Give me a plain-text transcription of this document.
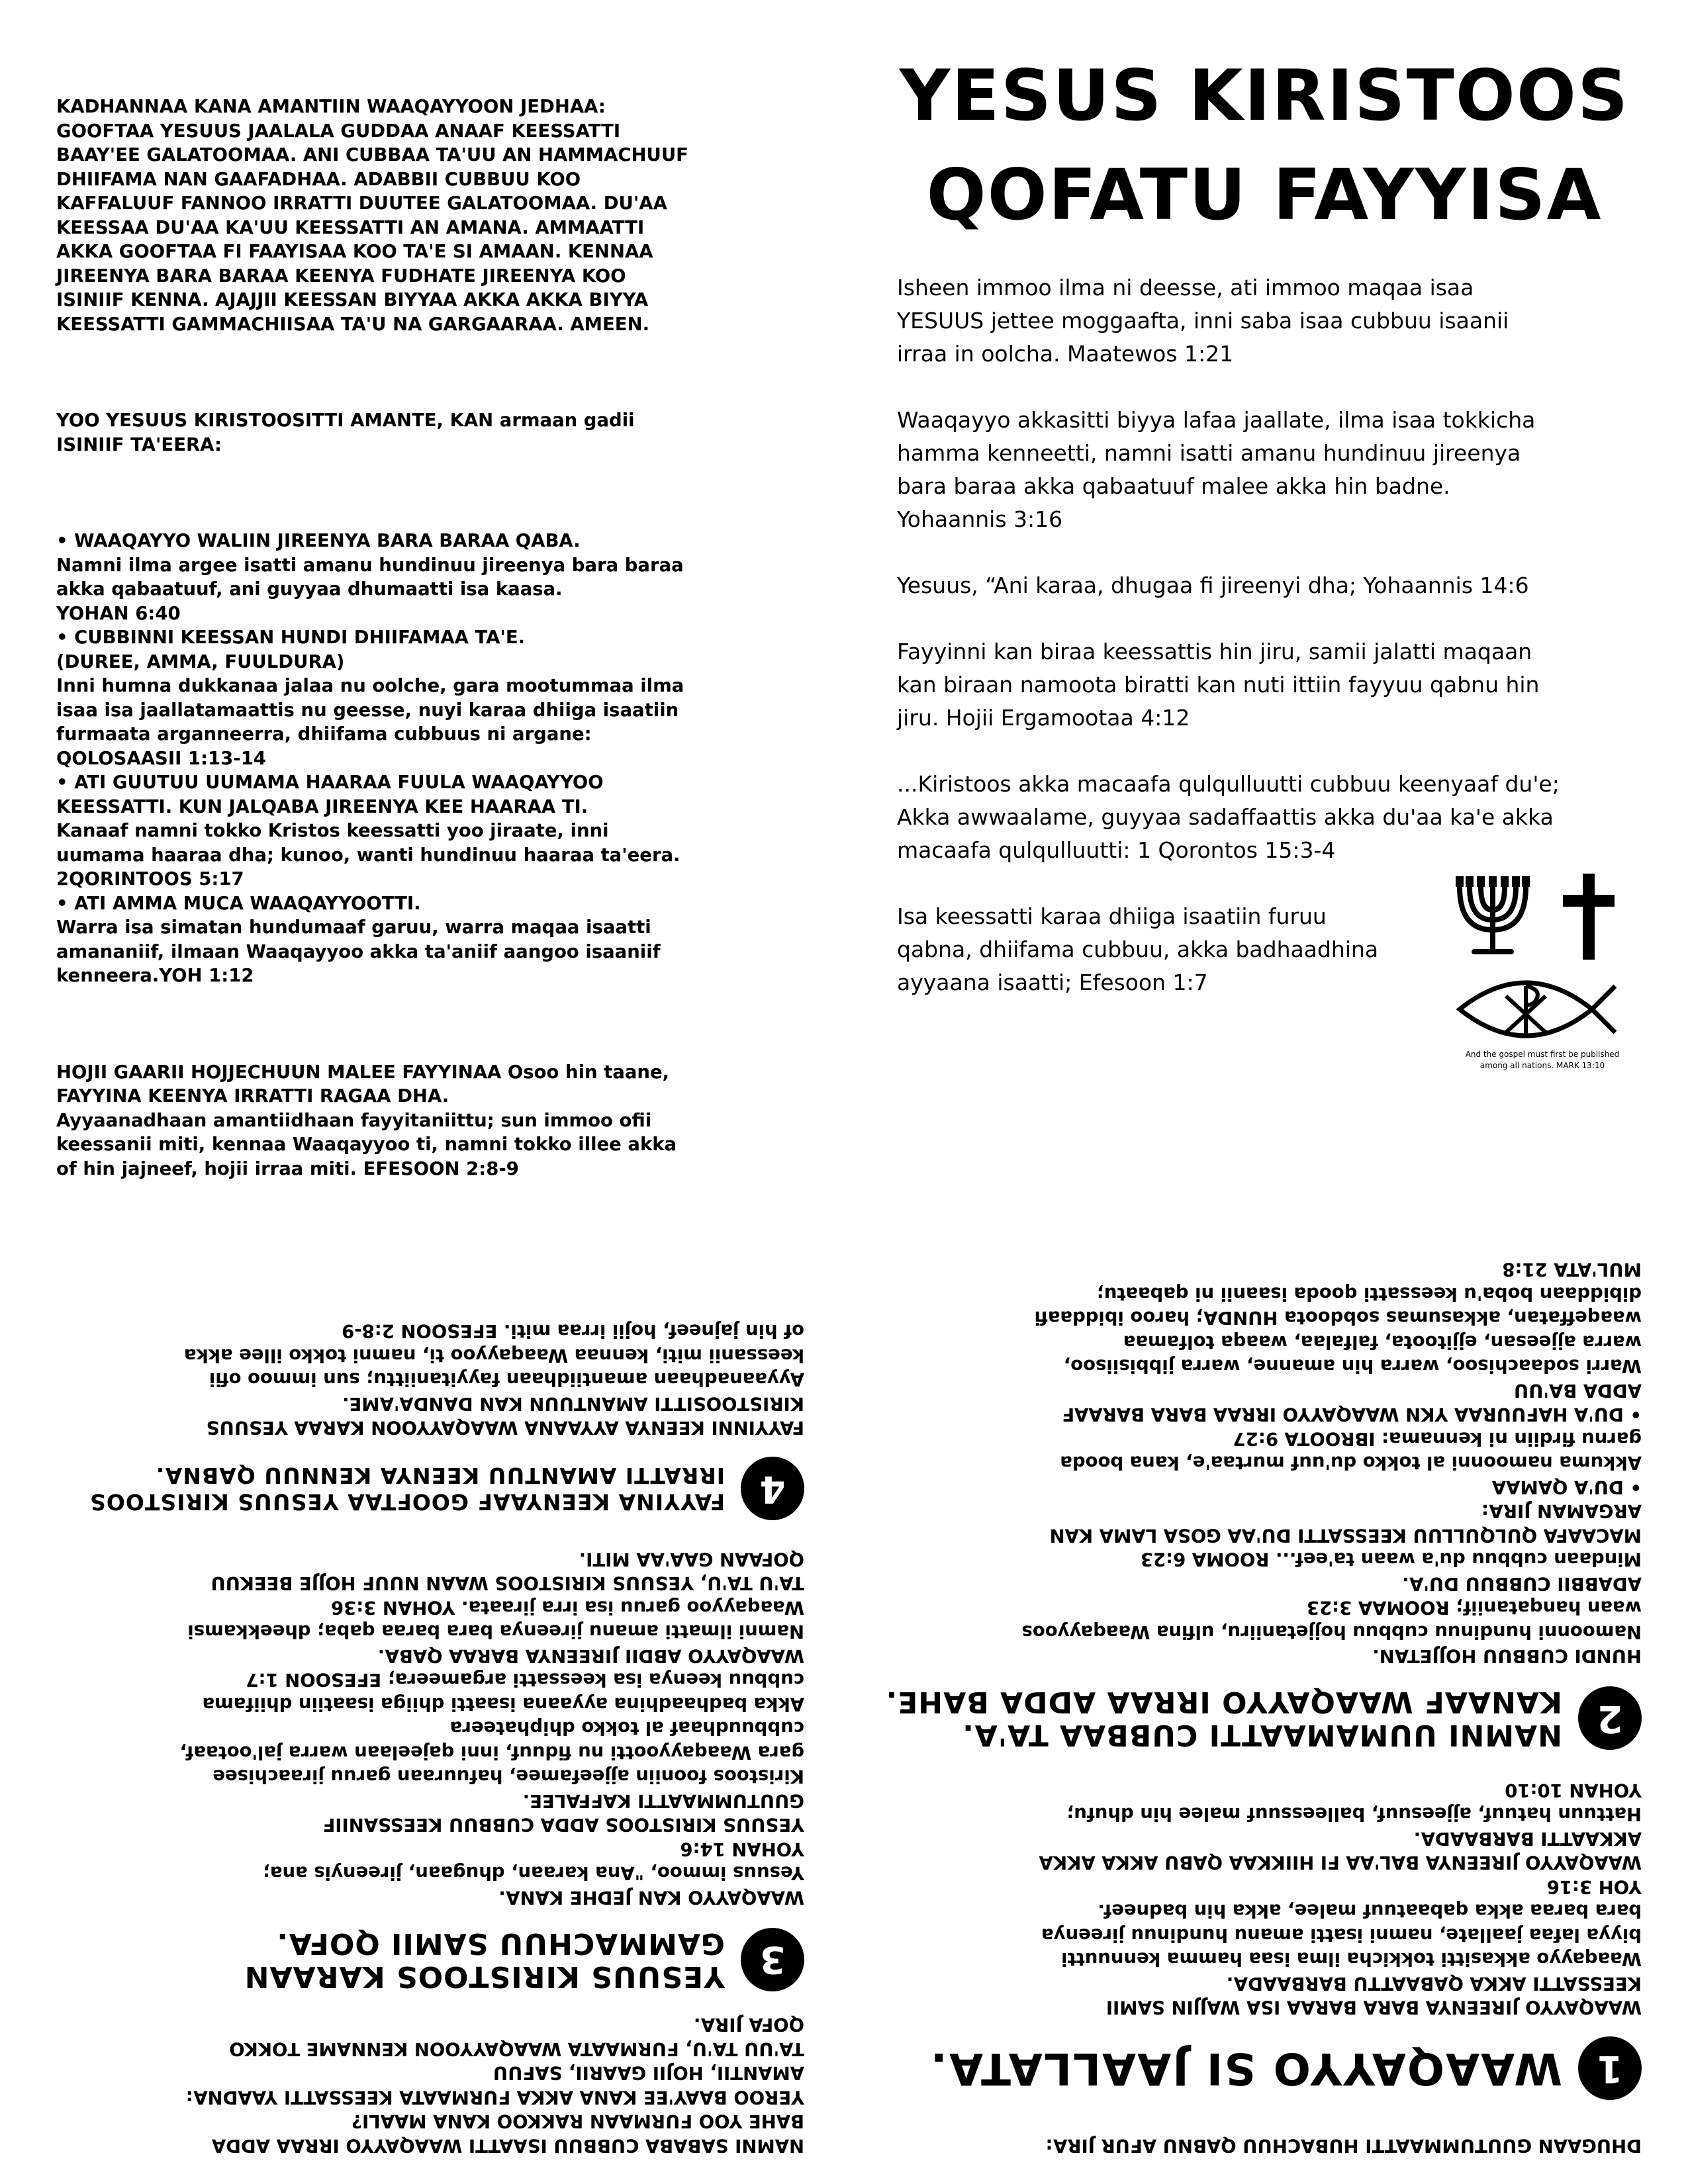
KADHANNAA KANA AMANTIIN WAAQAYYOON JEDHAA:
GOOFTAA YESUUS JAALALA GUDDAA ANAAF KEESSATTI
BAAY'EE GALATOOMAA. ANI CUBBAA TA'UU AN HAMMACHUUF
DHIIFAMA NAN GAAFADHAA. ADABBII CUBBUU KOO
KAFFALUUF FANNOO IRRATTI DUUTEE GALATOOMAA. DU'AA
KEESSAA DU'AA KA'UU KEESSATTI AN AMANA. AMMAATTI
AKKA GOOFTAA FI FAAYISAA KOO TA'E SI AMAAN. KENNAA
JIREENYA BARA BARAA KEENYA FUDHATE JIREENYA KOO
ISINIIF KENNA. AJAJJII KEESSAN BIYYAA AKKA AKKA BIYYA
KEESSATTI GAMMACHIISAA TA'U NA GARGAARAA. AMEEN.

YOO YESUUS KIRISTOOSITTI AMANTE, KAN armaan gadii
ISINIIF TA'EERA:

• WAAQAYYO WALIIN JIREENYA BARA BARAA QABA.
Namni ilma argee isatti amanu hundinuu jireenya bara baraa
akka qabaatuuf, ani guyyaa dhumaatti isa kaasa.
YOHAN 6:40
• CUBBINNI KEESSAN HUNDI DHIIFAMAA TA'E.
(DUREE, AMMA, FUULDURA)
Inni humna dukkanaa jalaa nu oolche, gara mootummaa ilma
isaa isa jaallatamaattis nu geesse, nuyi karaa dhiiga isaatiin
furmaata arganneerra, dhiifama cubbuus ni argane:
QOLOSAASII 1:13-14
• ATI GUUTUU UUMAMA HAARAA FUULA WAAQAYYOO
KEESSATTI. KUN JALQABA JIREENYA KEE HAARAA TI.
Kanaaf namni tokko Kristos keessatti yoo jiraate, inni
uumama haaraa dha; kunoo, wanti hundinuu haaraa ta'eera.
2QORINTOOS 5:17
• ATI AMMA MUCA WAAQAYYOOTTI.
Warra isa simatan hundumaaf garuu, warra maqaa isaatti
amananiif, ilmaan Waaqayyoo akka ta'aniif aangoo isaaniif
kenneera.YOH 1:12

HOJII GAARII HOJJECHUUN MALEE FAYYINAA Osoo hin taane,
FAYYINA KEENYA IRRATTI RAGAA DHA.
Ayyaanadhaan amantiidhaan fayyitaniittu; sun immoo ofii
keessanii miti, kennaa Waaqayyoo ti, namni tokko illee akka
of hin jajneef, hojii irraa miti. EFESOON 2:8-9

YESUS KIRISTOOS
QOFATU FAYYISA

Isheen immoo ilma ni deesse, ati immoo maqaa isaa
YESUUS jettee moggaafta, inni saba isaa cubbuu isaanii
irraa in oolcha. Maatewos 1:21

Waaqayyo akkasitti biyya lafaa jaallate, ilma isaa tokkicha
hamma kenneetti, namni isatti amanu hundinuu jireenya
bara baraa akka qabaatuuf malee akka hin badne.
Yohaannis 3:16

Yesuus, “Ani karaa, dhugaa fi jireenyi dha; Yohaannis 14:6

Fayyinni kan biraa keessattis hin jiru, samii jalatti maqaan
kan biraan namoota biratti kan nuti ittiin fayyuu qabnu hin
jiru. Hojii Ergamootaa 4:12

...Kiristoos akka macaafa qulqulluutti cubbuu keenyaaf du'e;
Akka awwaalame, guyyaa sadaffaattis akka du'aa ka'e akka
macaafa qulqulluutti: 1 Qorontos 15:3-4

Isa keessatti karaa dhiiga isaatiin furuu
qabna, dhiifama cubbuu, akka badhaadhina
ayyaana isaatti; Efesoon 1:7

And the gospel must first be published
among all nations. MARK 13:10

NAMNI SABABA CUBBUU ISAATTI WAAQAYYO IRRAA ADDA
BAHE YOO FURMAAN RAKKOO KANA MAALI?
YEROO BAAY'EE KANA AKKA FURMAATA KEESSATTI YAADNA:
AMANTII, HOJII GAARII, SAFUU
TA'UU TA'U, FURMAATA WAAQAYYOON KENNAME TOKKO
QOFA JIRA.

3
YESUUS KIRISTOOS KARAAN
GAMMACHUU SAMII QOFA.

WAAQAYYO KAN JEDHE KANA.
Yesuus immoo, "Ana karaan, dhugaan, jireenyis ana;
YOHAN 14:6
YESUUS KIRISTOOS ADDA CUBBUU KEESSANIIF
GUUTUMMAATTI KAFFALEE.
Kiristoos fooniin ajjeefamee, hafuuraan garuu jiraachisee
gara Waaqayyootti nu fiduuf, inni qajeelaan warra jal'ootaaf,
cubbuudhaaf al tokko dhiphateera
Akka badhaadhina ayyaana isaatti dhiiga isaatiin dhiifama
cubbuu keenya isa keessatti argameera; EFESOON 1:7
WAAQAYYO ABDII JIREENYA BARAA QABA.
Namni ilmatti amanu jireenya bara baraa qaba; dheekkamsi
Waaqayyoo garuu isa irra jiraata. YOHAN 3:36
TA'U TA'U, YESUUS KIRISTOOS WAAN NUUF HOJJE BEEKUU
QOFAAN GAA'AA MITI.

4
FAYYINA KEENYAAF GOOFTAA YESUUS KIRISTOOS
IRRATTI AMANTUU KEENYA KENNUU QABNA.

FAYYINNI KEENYA AYYAANA WAAQAYYOON KARAA YESUUS
KIRISTOOSITTI AMANTUUN KAN DANDA'AME.
Ayyaanadhaan amantiidhaan fayyitaniittu; sun immoo ofii
keessanii miti, kennaa Waaqayyoo ti, namni tokko illee akka
of hin jajneef, hojii irraa miti. EFESOON 2:8-9

DHUGAAN GUUTUMMAATTI HUBACHUU QABNU AFUR JIRA:

1
WAAQAYYO SI JAALLATA.

WAAQAYYO JIREENYA BARA BARAA ISA WAJJIN SAMII
KEESSATTI AKKA QABAATTU BARBAADA.
Waaqayyo akkasitti tokkicha ilma isaa hamma kennuutti
biyya lafaa jaallate, namni isatti amanu hundinuu jireenya
bara baraa akka qabaatuuf malee, akka hin badneef.
YOH 3:16
WAAQAYYO JIREENYA BAL'AA FI HIIKKAA QABU AKKA AKKA
AKKAATTI BARBAADA.
Hattuun hatuuf, ajjeesuuf, balleessuuf malee hin dhufu;
YOHAN 10:10

2
NAMNI UUMAMAATTI CUBBAA TA'A.
KANAAF WAAQAYYO IRRAA ADDA BAHE.

HUNDI CUBBUU HOJJETAN.
Namoonni hundinuu cubbuu hojjetaniiru, ulfina Waaqayyoos
waan hanqataniif; ROOMAA 3:23
ADABBII CUBBUU DU'A.
Mindaan cubbuu du'a waan ta'eef... ROOMA 6:23
MACAAFA QULQULLUU KEESSATTI DU'AA GOSA LAMA KAN
ARGAMAN JIRA:
• DU'A QAMAA
Akkuma namoonni al tokko du'uuf murtaa'e, kana booda
garnu firdiin ni kennama: IBROOTA 9:27
• DU'A HAFUURAA YKN WAAQAYYO IRRAA BARA BARAAF
ADDA BA'UU
Warri sodaachisoo, warra hin amanne, warra jibbisiisoo,
warra ajjeesan, ejjitoota, falfalaa, waaqa tolfamaa
waaqeffatan, akkasumas sobdoota HUNDA; haroo ibiddaafi
dibiddaan boba'u keessatti qooda isaanii ni qabaatu;
MUL'ATA 21:8
